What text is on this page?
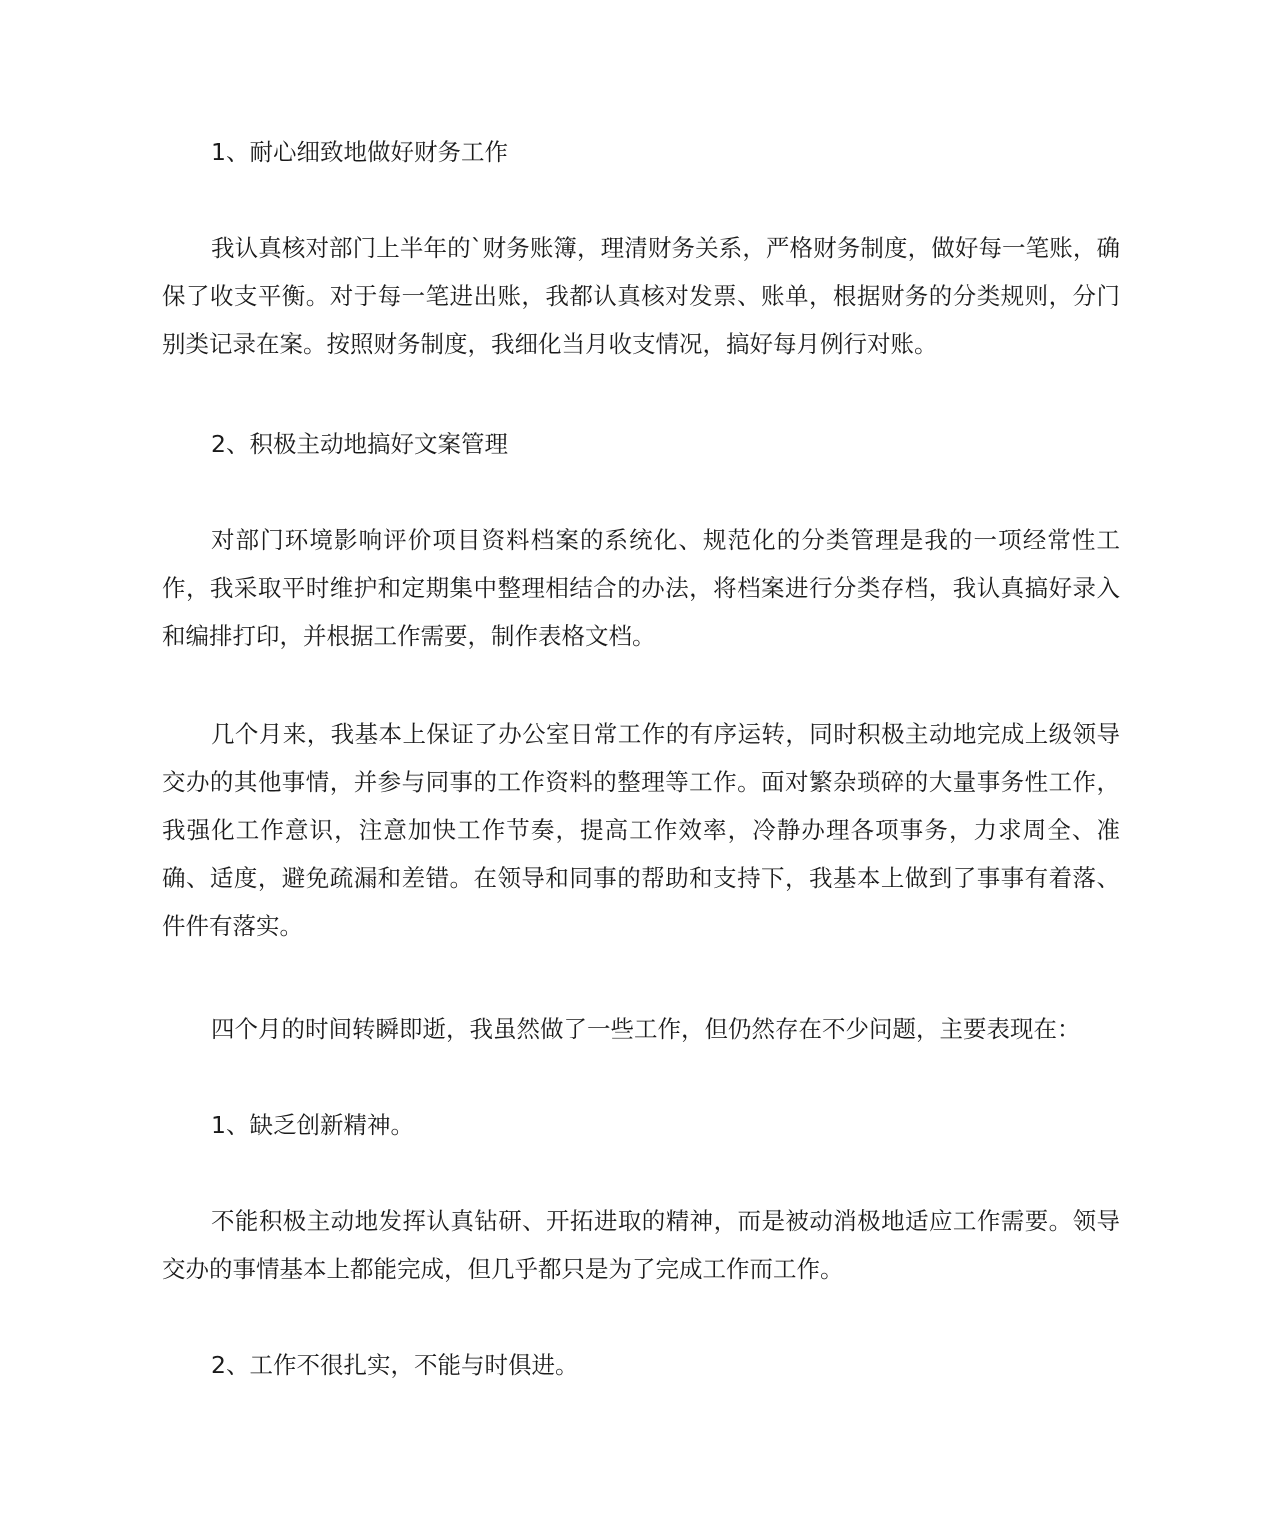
1、耐心细致地做好财务工作

我认真核对部门上半年的`财务账簿，理清财务关系，严格财务制度，做好每一笔账，确保了收支平衡。对于每一笔进出账，我都认真核对发票、账单，根据财务的分类规则，分门别类记录在案。按照财务制度，我细化当月收支情况，搞好每月例行对账。

2、积极主动地搞好文案管理

对部门环境影响评价项目资料档案的系统化、规范化的分类管理是我的一项经常性工作，我采取平时维护和定期集中整理相结合的办法，将档案进行分类存档，我认真搞好录入和编排打印，并根据工作需要，制作表格文档。

几个月来，我基本上保证了办公室日常工作的有序运转，同时积极主动地完成上级领导交办的其他事情，并参与同事的工作资料的整理等工作。面对繁杂琐碎的大量事务性工作，我强化工作意识，注意加快工作节奏，提高工作效率，冷静办理各项事务，力求周全、准确、适度，避免疏漏和差错。在领导和同事的帮助和支持下，我基本上做到了事事有着落、件件有落实。

四个月的时间转瞬即逝，我虽然做了一些工作，但仍然存在不少问题，主要表现在：

1、缺乏创新精神。

不能积极主动地发挥认真钻研、开拓进取的精神，而是被动消极地适应工作需要。领导交办的事情基本上都能完成，但几乎都只是为了完成工作而工作。

2、工作不很扎实，不能与时俱进。
